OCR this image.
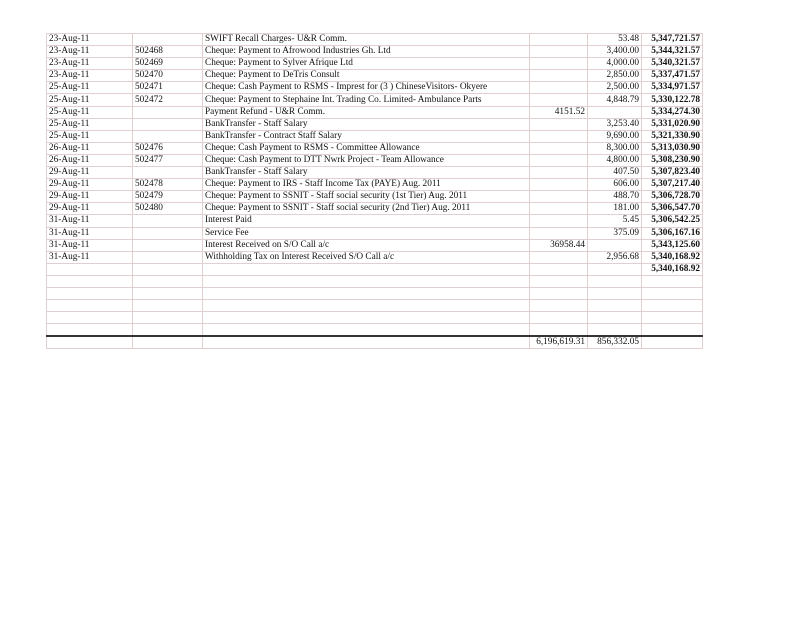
23-Aug-11		SWIFT Recall Charges- U&R Comm.		53.48	5,347,721.57
23-Aug-11	502468	Cheque: Payment to Afrowood Industries Gh. Ltd		3,400.00	5,344,321.57
23-Aug-11	502469	Cheque: Payment to Sylver Afrique Ltd		4,000.00	5,340,321.57
23-Aug-11	502470	Cheque: Payment to DeTris Consult		2,850.00	5,337,471.57
25-Aug-11	502471	Cheque: Cash Payment to RSMS - Imprest for (3 ) ChineseVisitors- Okyere		2,500.00	5,334,971.57
25-Aug-11	502472	Cheque: Payment to Stephaine Int. Trading Co. Limited- Ambulance Parts		4,848.79	5,330,122.78
25-Aug-11		Payment Refund - U&R Comm.	4151.52		5,334,274.30
25-Aug-11		BankTransfer - Staff Salary		3,253.40	5,331,020.90
25-Aug-11		BankTransfer - Contract Staff Salary		9,690.00	5,321,330.90
26-Aug-11	502476	Cheque: Cash Payment to RSMS - Committee Allowance		8,300.00	5,313,030.90
26-Aug-11	502477	Cheque: Cash Payment to DTT Nwrk Project - Team Allowance		4,800.00	5,308,230.90
29-Aug-11		BankTransfer - Staff Salary		407.50	5,307,823.40
29-Aug-11	502478	Cheque: Payment to IRS - Staff Income Tax (PAYE) Aug. 2011		606.00	5,307,217.40
29-Aug-11	502479	Cheque: Payment to SSNIT - Staff social security (1st Tier) Aug. 2011		488.70	5,306,728.70
29-Aug-11	502480	Cheque: Payment to SSNIT - Staff social security (2nd Tier) Aug. 2011		181.00	5,306,547.70
31-Aug-11		Interest Paid		5.45	5,306,542.25
31-Aug-11		Service Fee		375.09	5,306,167.16
31-Aug-11		Interest Received on S/O Call a/c	36958.44		5,343,125.60
31-Aug-11		Withholding Tax on Interest Received S/O Call a/c		2,956.68	5,340,168.92
					5,340,168.92

			6,196,619.31	856,332.05	
